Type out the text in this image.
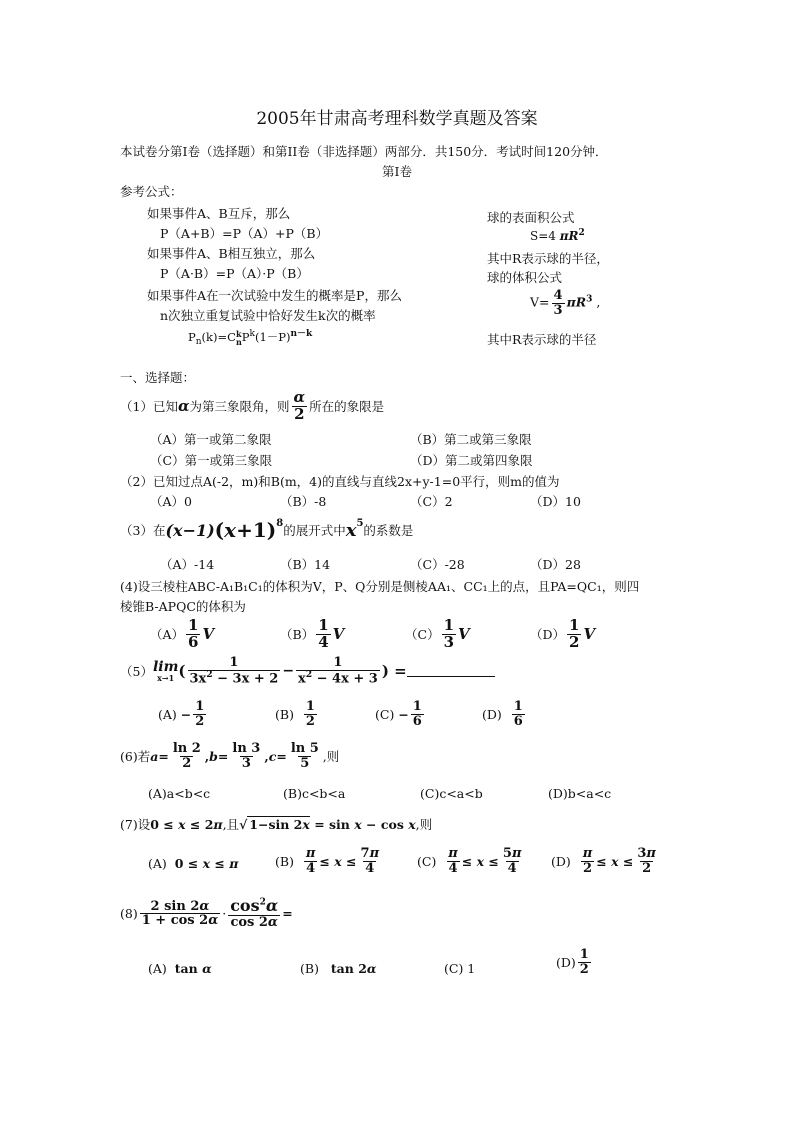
2005年甘肃高考理科数学真题及答案
本试卷分第I卷（选择题）和第II卷（非选择题）两部分．共150分．考试时间120分钟．
第I卷
参考公式：
如果事件A、B互斥，那么
P（A+B）=P（A）+P（B）
如果事件A、B相互独立，那么
P（A·B）=P（A）·P（B）
如果事件A在一次试验中发生的概率是P，那么
n次独立重复试验中恰好发生k次的概率
$P_n(k)=C$ k
n $P^k(1-P)^{n-k}$
球的表面积公式
S=4 $\pi R^2$
其中R表示球的半径，
球的体积公式
$V= \frac{4}{3} \pi R^3$ ,
其中R表示球的半径
一、选择题：
（1）已知 α 为第三象限角，则 $\frac{\alpha}{2}$ 所在的象限是
（A）第一或第二象限	（B）第二或第三象限
（C）第一或第三象限	（D）第二或第四象限
（2）已知过点A(-2，m)和B(m，4)的直线与直线2x+y-1=0平行，则m的值为
（A）0	（B）-8	（C）2	（D）10
（3）在 (x−1) $(x+1)^8$ 的展开式中 $x^5$ 的系数是
（A）-14	（B）14	（C）-28	（D）28
(4)设三棱柱ABC-A₁B₁C₁的体积为V，P、Q分别是侧棱AA₁、CC₁上的点，且PA=QC₁，则四
棱锥B-APQC的体积为
$(A) \frac{1}{6}$ V	$(B) \frac{1}{4}$ V	$(C) \frac{1}{3}$ V	$(D) \frac{1}{2}$ V
（5） lim
x→1 ( $\frac{1}{3x^2 - 3x + 2} - \frac{1}{x^2 - 4x + 3}$ ) =
(A)
− $\frac{1}{2}$	(B)
$\frac{1}{2}$	(C)
− $\frac{1}{6}$	(D)
$\frac{1}{6}$
(6)若 $a = \frac{\ln 2}{2}$ , $b = \frac{\ln 3}{3}$ , $c = \frac{\ln 5}{5}$ ,则
(A)a<b<c	(B)c<b<a	(C)c<a<b	(D)b<a<c
(7)设 0 ≤ x ≤ 2π ,且 √ 1−sin 2x = sin x − cos x ,则
(A)
0 ≤ x ≤ π	(B)
$\frac{\pi}{4} \le x \le \frac{7\pi}{4}$	(C)
$\frac{\pi}{4} \le x \le \frac{5\pi}{4} (D)$
$\frac{\pi}{2} \le x \le \frac{3\pi}{2}$
$(8) \frac{2 \sin 2\alpha}{1 + \cos 2\alpha} \cdot \frac{\cos^2\alpha}{\cos 2\alpha}$ =
(A)
tan α	(B)
tan 2α	(C) 1	$(D) \frac{1}{2}$
